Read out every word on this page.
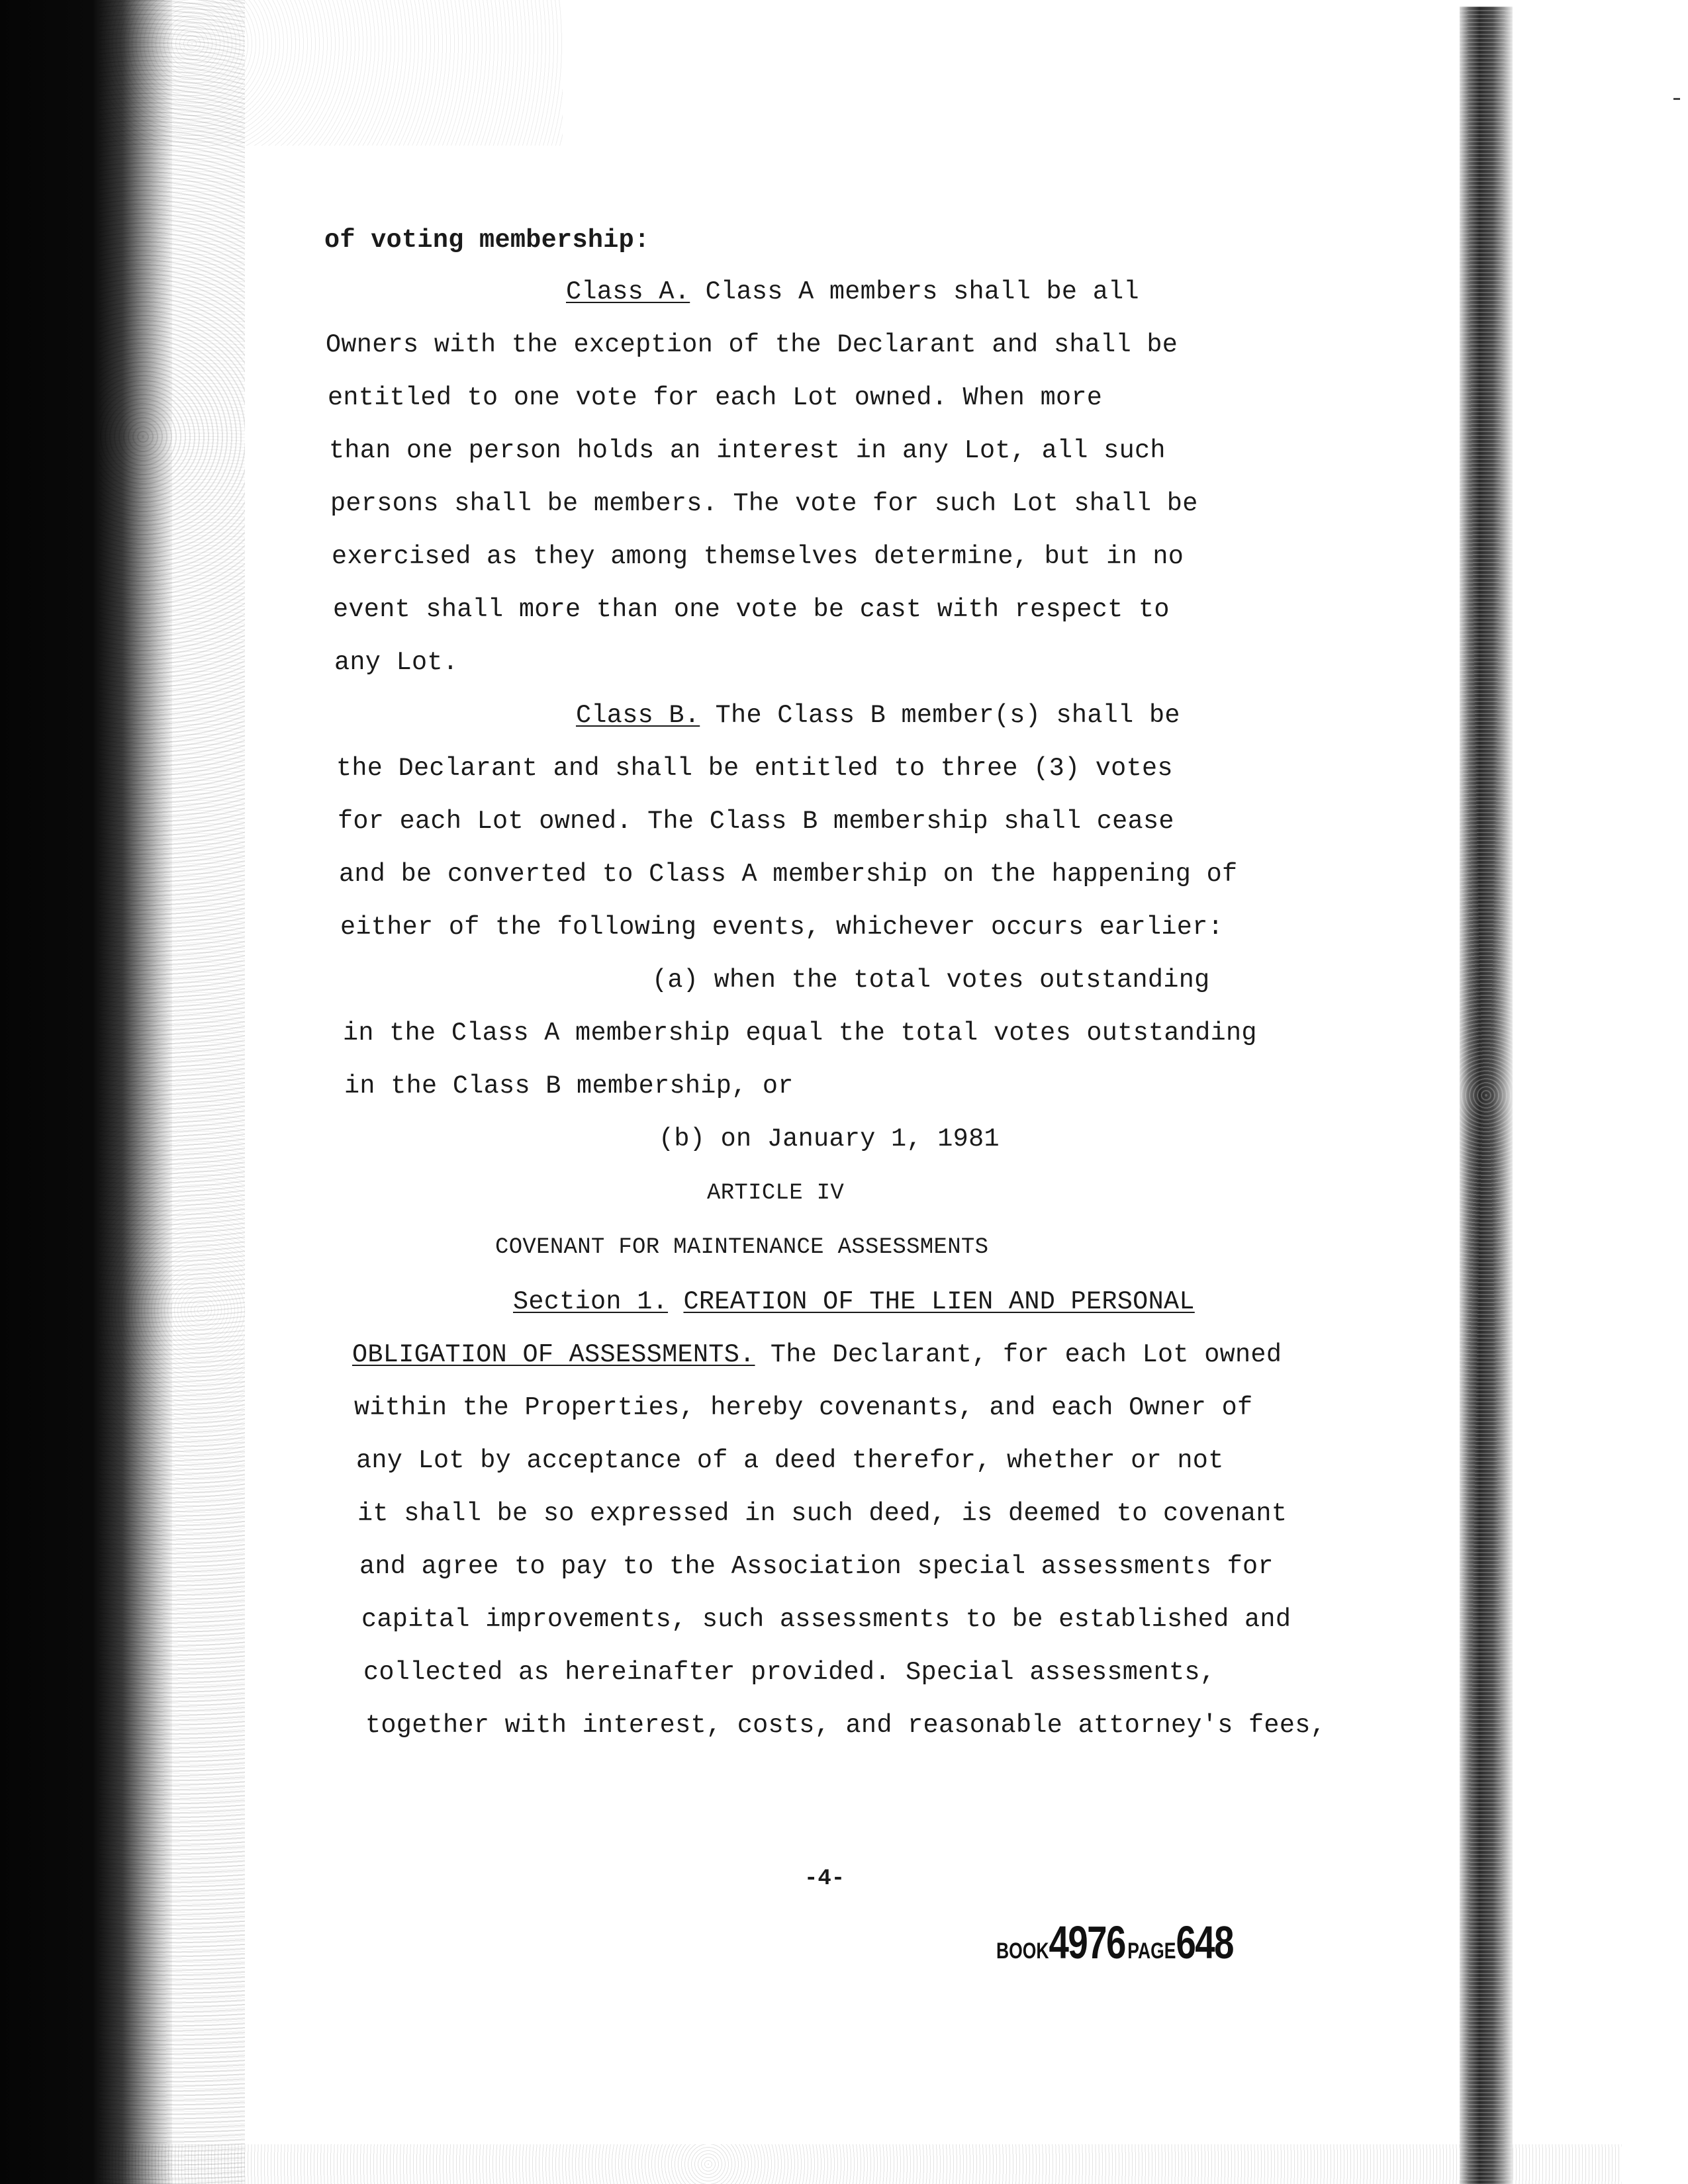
of voting membership:
Class A. Class A members shall be all
Owners with the exception of the Declarant and shall be
entitled to one vote for each Lot owned. When more
than one person holds an interest in any Lot, all such
persons shall be members. The vote for such Lot shall be
exercised as they among themselves determine, but in no
event shall more than one vote be cast with respect to
any Lot.
Class B. The Class B member(s) shall be
the Declarant and shall be entitled to three (3) votes
for each Lot owned. The Class B membership shall cease
and be converted to Class A membership on the happening of
either of the following events, whichever occurs earlier:
(a) when the total votes outstanding
in the Class A membership equal the total votes outstanding
in the Class B membership, or
(b) on January 1, 1981
ARTICLE IV
COVENANT FOR MAINTENANCE ASSESSMENTS
Section 1. CREATION OF THE LIEN AND PERSONAL
OBLIGATION OF ASSESSMENTS. The Declarant, for each Lot owned
within the Properties, hereby covenants, and each Owner of
any Lot by acceptance of a deed therefor, whether or not
it shall be so expressed in such deed, is deemed to covenant
and agree to pay to the Association special assessments for
capital improvements, such assessments to be established and
collected as hereinafter provided. Special assessments,
together with interest, costs, and reasonable attorney's fees,
-4-
BOOK4976 PAGE648
